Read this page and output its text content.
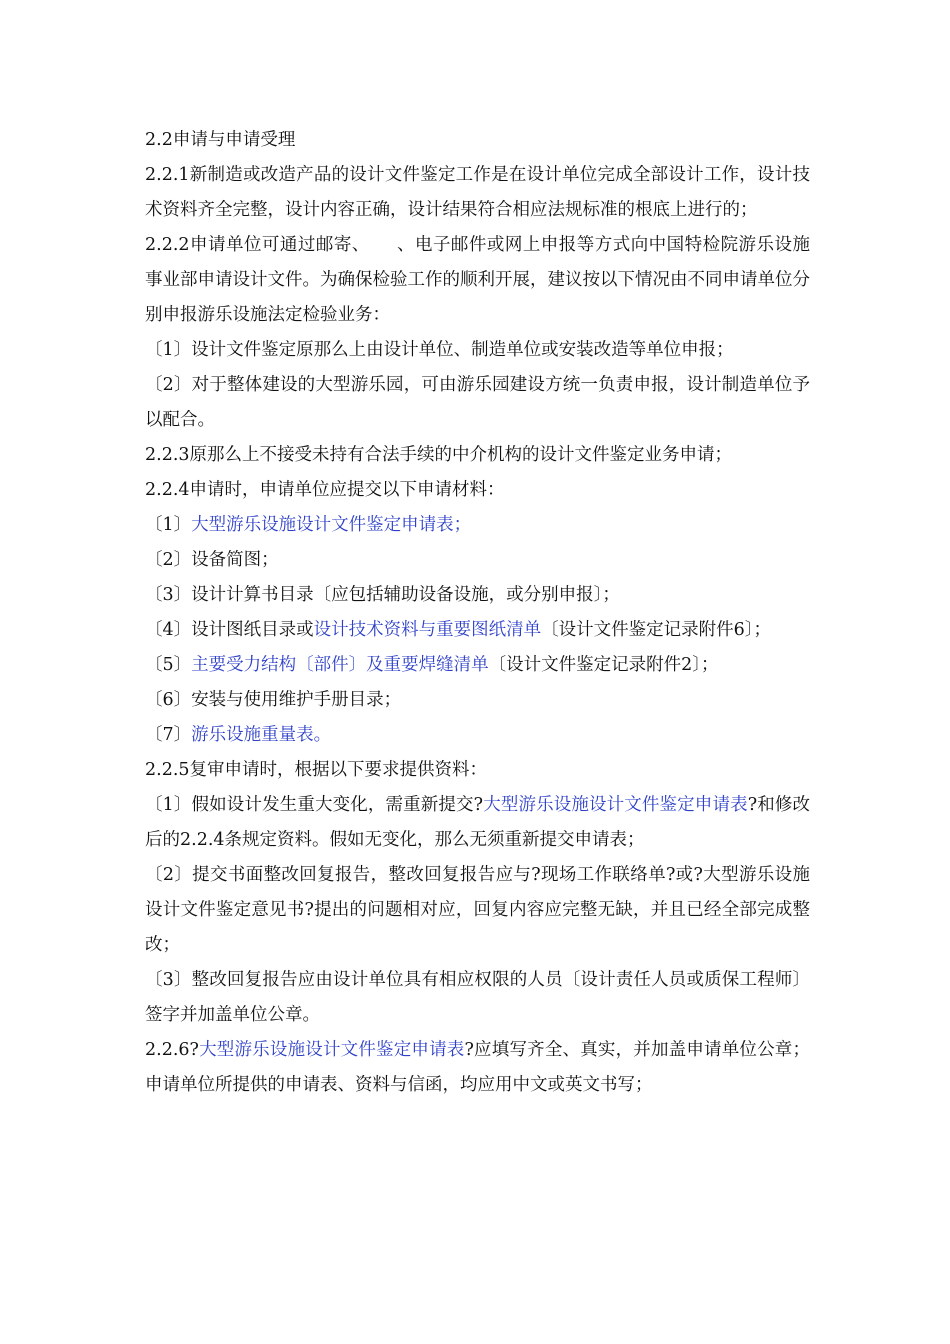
2.2申请与申请受理

2.2.1新制造或改造产品的设计文件鉴定工作是在设计单位完成全部设计工作，设计技术资料齐全完整，设计内容正确，设计结果符合相应法规标准的根底上进行的；

2.2.2申请单位可通过邮寄、　　、电子邮件或网上申报等方式向中国特检院游乐设施事业部申请设计文件。为确保检验工作的顺利开展，建议按以下情况由不同申请单位分别申报游乐设施法定检验业务：

〔1〕设计文件鉴定原那么上由设计单位、制造单位或安装改造等单位申报；

〔2〕对于整体建设的大型游乐园，可由游乐园建设方统一负责申报，设计制造单位予以配合。

2.2.3原那么上不接受未持有合法手续的中介机构的设计文件鉴定业务申请；

2.2.4申请时，申请单位应提交以下申请材料：

〔1〕大型游乐设施设计文件鉴定申请表；

〔2〕设备简图；

〔3〕设计计算书目录〔应包括辅助设备设施，或分别申报〕；

〔4〕设计图纸目录或设计技术资料与重要图纸清单〔设计文件鉴定记录附件6〕；

〔5〕主要受力结构〔部件〕及重要焊缝清单〔设计文件鉴定记录附件2〕；

〔6〕安装与使用维护手册目录；

〔7〕游乐设施重量表。

2.2.5复审申请时，根据以下要求提供资料：

〔1〕假如设计发生重大变化，需重新提交?大型游乐设施设计文件鉴定申请表?和修改后的2.2.4条规定资料。假如无变化，那么无须重新提交申请表；

〔2〕提交书面整改回复报告，整改回复报告应与?现场工作联络单?或?大型游乐设施设计文件鉴定意见书?提出的问题相对应，回复内容应完整无缺，并且已经全部完成整改；

〔3〕整改回复报告应由设计单位具有相应权限的人员〔设计责任人员或质保工程师〕签字并加盖单位公章。

2.2.6?大型游乐设施设计文件鉴定申请表?应填写齐全、真实，并加盖申请单位公章；申请单位所提供的申请表、资料与信函，均应用中文或英文书写；
